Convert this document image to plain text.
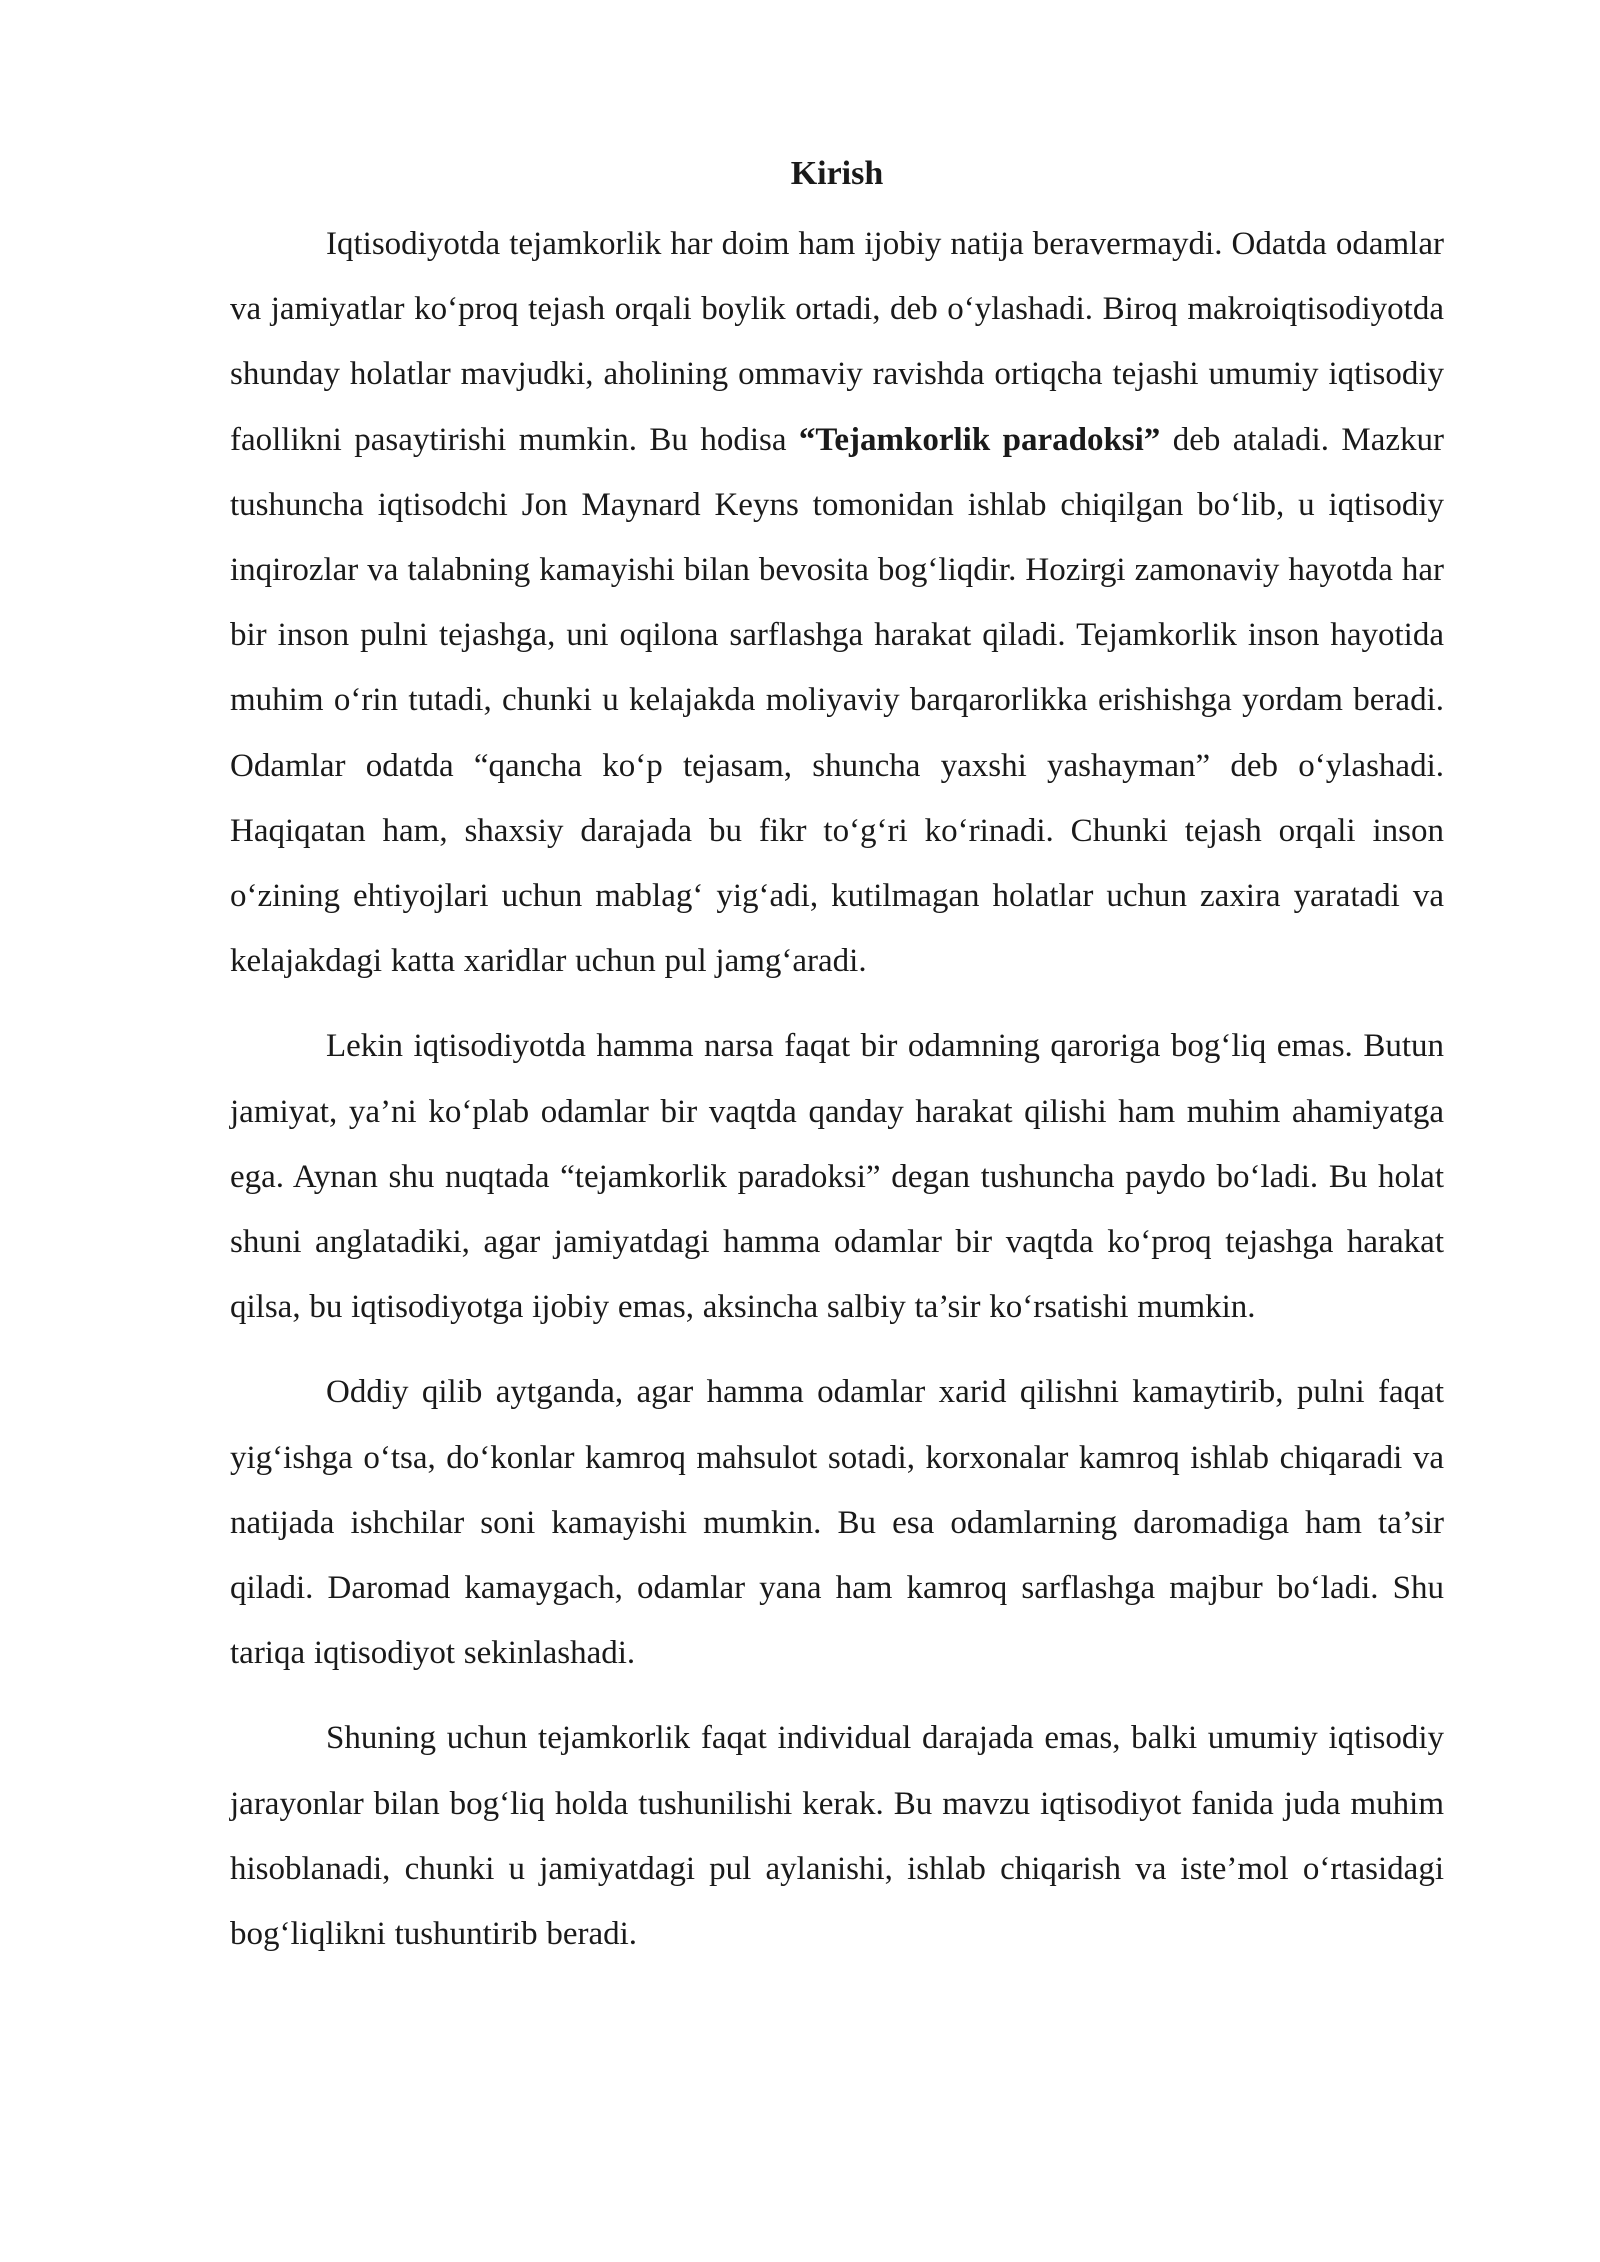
Kirish

Iqtisodiyotda tejamkorlik har doim ham ijobiy natija beravermaydi. Odatda odamlar va jamiyatlar ko‘proq tejash orqali boylik ortadi, deb o‘ylashadi. Biroq makroiqtisodiyotda shunday holatlar mavjudki, aholining ommaviy ravishda ortiqcha tejashi umumiy iqtisodiy faollikni pasaytirishi mumkin. Bu hodisa “Tejamkorlik paradoksi” deb ataladi. Mazkur tushuncha iqtisodchi Jon Maynard Keyns tomonidan ishlab chiqilgan bo‘lib, u iqtisodiy inqirozlar va talabning kamayishi bilan bevosita bog‘liqdir. Hozirgi zamonaviy hayotda har bir inson pulni tejashga, uni oqilona sarflashga harakat qiladi. Tejamkorlik inson hayotida muhim o‘rin tutadi, chunki u kelajakda moliyaviy barqarorlikka erishishga yordam beradi. Odamlar odatda “qancha ko‘p tejasam, shuncha yaxshi yashayman” deb o‘ylashadi. Haqiqatan ham, shaxsiy darajada bu fikr to‘g‘ri ko‘rinadi. Chunki tejash orqali inson o‘zining ehtiyojlari uchun mablag‘ yig‘adi, kutilmagan holatlar uchun zaxira yaratadi va kelajakdagi katta xaridlar uchun pul jamg‘aradi.

Lekin iqtisodiyotda hamma narsa faqat bir odamning qaroriga bog‘liq emas. Butun jamiyat, ya’ni ko‘plab odamlar bir vaqtda qanday harakat qilishi ham muhim ahamiyatga ega. Aynan shu nuqtada “tejamkorlik paradoksi” degan tushuncha paydo bo‘ladi. Bu holat shuni anglatadiki, agar jamiyatdagi hamma odamlar bir vaqtda ko‘proq tejashga harakat qilsa, bu iqtisodiyotga ijobiy emas, aksincha salbiy ta’sir ko‘rsatishi mumkin.

Oddiy qilib aytganda, agar hamma odamlar xarid qilishni kamaytirib, pulni faqat yig‘ishga o‘tsa, do‘konlar kamroq mahsulot sotadi, korxonalar kamroq ishlab chiqaradi va natijada ishchilar soni kamayishi mumkin. Bu esa odamlarning daromadiga ham ta’sir qiladi. Daromad kamaygach, odamlar yana ham kamroq sarflashga majbur bo‘ladi. Shu tariqa iqtisodiyot sekinlashadi.

Shuning uchun tejamkorlik faqat individual darajada emas, balki umumiy iqtisodiy jarayonlar bilan bog‘liq holda tushunilishi kerak. Bu mavzu iqtisodiyot fanida juda muhim hisoblanadi, chunki u jamiyatdagi pul aylanishi, ishlab chiqarish va iste’mol o‘rtasidagi bog‘liqlikni tushuntirib beradi.
